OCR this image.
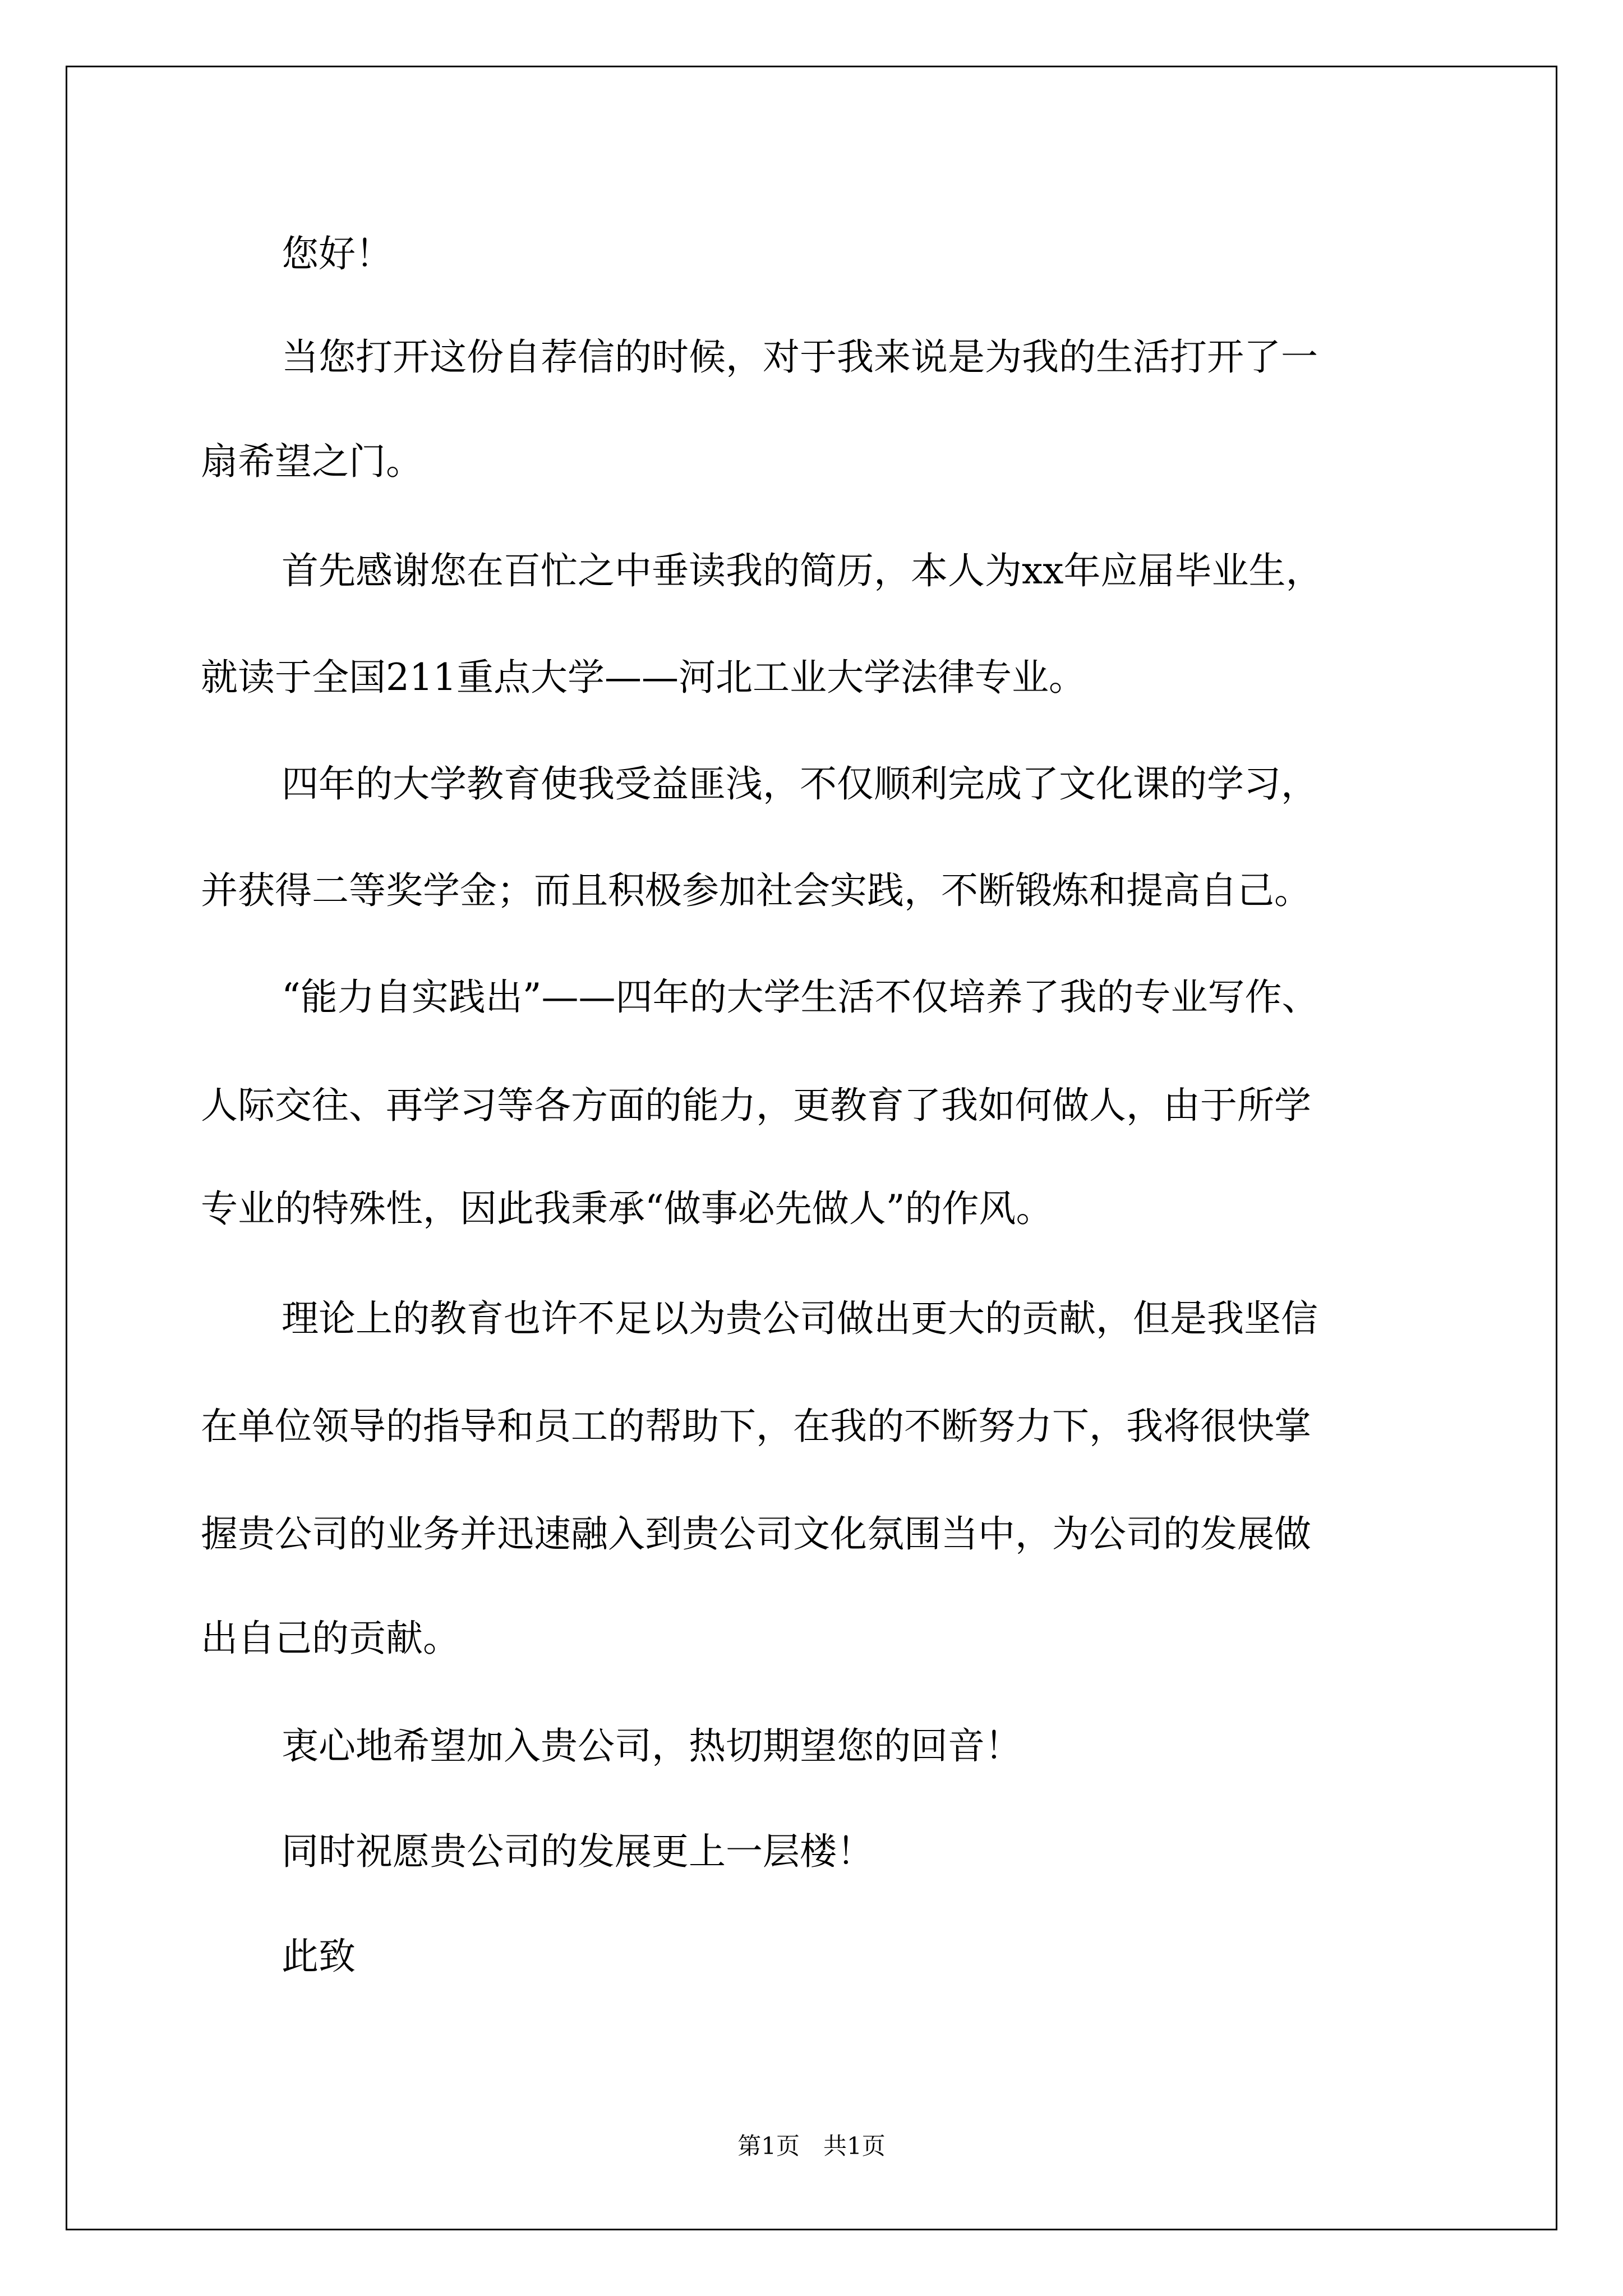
您好！
当您打开这份自荐信的时候，对于我来说是为我的生活打开了一
扇希望之门。
首先感谢您在百忙之中垂读我的简历，本人为xx年应届毕业生，
就读于全国211重点大学——河北工业大学法律专业。
四年的大学教育使我受益匪浅，不仅顺利完成了文化课的学习，
并获得二等奖学金；而且积极参加社会实践，不断锻炼和提高自己。
“能力自实践出”——四年的大学生活不仅培养了我的专业写作、
人际交往、再学习等各方面的能力，更教育了我如何做人，由于所学
专业的特殊性，因此我秉承“做事必先做人”的作风。
理论上的教育也许不足以为贵公司做出更大的贡献，但是我坚信
在单位领导的指导和员工的帮助下，在我的不断努力下，我将很快掌
握贵公司的业务并迅速融入到贵公司文化氛围当中，为公司的发展做
出自己的贡献。
衷心地希望加入贵公司，热切期望您的回音！
同时祝愿贵公司的发展更上一层楼！
此致
第1页　共1页
